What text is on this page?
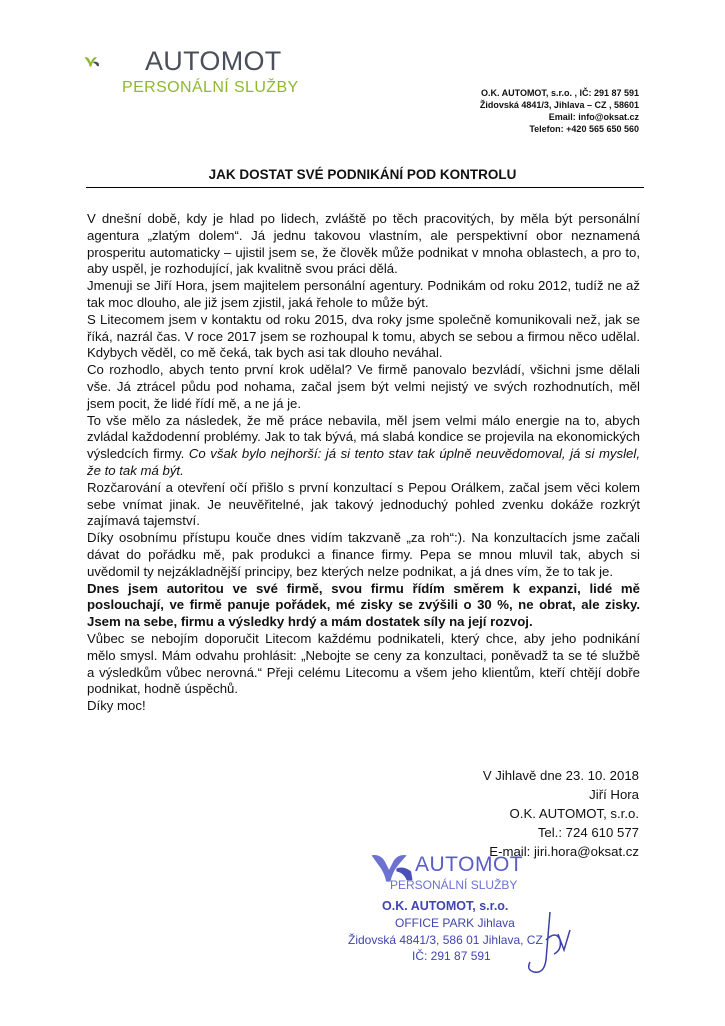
AUTOMOT
PERSONÁLNÍ SLUŽBY	O.K. AUTOMOT, s.r.o. , IČ: 291 87 591
Židovská 4841/3, Jihlava – CZ , 58601
Email: info@oksat.cz
Telefon: +420 565 650 560
JAK DOSTAT SVÉ PODNIKÁNÍ POD KONTROLU

V dnešní době, kdy je hlad po lidech, zvláště po těch pracovitých, by měla být personální agentura „zlatým dolem“. Já jednu takovou vlastním, ale perspektivní obor neznamená prosperitu automaticky – ujistil jsem se, že člověk může podnikat v mnoha oblastech, a pro to, aby uspěl, je rozhodující, jak kvalitně svou práci dělá.

Jmenuji se Jiří Hora, jsem majitelem personální agentury. Podnikám od roku 2012, tudíž ne až tak moc dlouho, ale již jsem zjistil, jaká řehole to může být.

S Litecomem jsem v kontaktu od roku 2015, dva roky jsme společně komunikovali než, jak se říká, nazrál čas. V roce 2017 jsem se rozhoupal k tomu, abych se sebou a firmou něco udělal. Kdybych věděl, co mě čeká, tak bych asi tak dlouho neváhal.

Co rozhodlo, abych tento první krok udělal? Ve firmě panovalo bezvládí, všichni jsme dělali vše. Já ztrácel půdu pod nohama, začal jsem být velmi nejistý ve svých rozhodnutích, měl jsem pocit, že lidé řídí mě, a ne já je.

To vše mělo za následek, že mě práce nebavila, měl jsem velmi málo energie na to, abych zvládal každodenní problémy. Jak to tak bývá, má slabá kondice se projevila na ekonomických výsledcích firmy. Co však bylo nejhorší: já si tento stav tak úplně neuvědomoval, já si myslel, že to tak má být.

Rozčarování a otevření očí přišlo s první konzultací s Pepou Orálkem, začal jsem věci kolem sebe vnímat jinak. Je neuvěřitelné, jak takový jednoduchý pohled zvenku dokáže rozkrýt zajímavá tajemství.

Díky osobnímu přístupu kouče dnes vidím takzvaně „za roh“:). Na konzultacích jsme začali dávat do pořádku mě, pak produkci a finance firmy. Pepa se mnou mluvil tak, abych si uvědomil ty nejzákladnější principy, bez kterých nelze podnikat, a já dnes vím, že to tak je.

Dnes jsem autoritou ve své firmě, svou firmu řídím směrem k expanzi, lidé mě poslouchají, ve firmě panuje pořádek, mé zisky se zvýšili o 30 %, ne obrat, ale zisky. Jsem na sebe, firmu a výsledky hrdý a mám dostatek síly na její rozvoj.

Vůbec se nebojím doporučit Litecom každému podnikateli, který chce, aby jeho podnikání mělo smysl. Mám odvahu prohlásit: „Nebojte se ceny za konzultaci, poněvadž ta se té službě a výsledkům vůbec nerovná.“ Přeji celému Litecomu a všem jeho klientům, kteří chtějí dobře podnikat, hodně úspěchů.

Díky moc!

V Jihlavě dne 23. 10. 2018
Jiří Hora
O.K. AUTOMOT, s.r.o.
Tel.: 724 610 577
E-mail: jiri.hora@oksat.cz
AUTOMOT
PERSONÁLNÍ SLUŽBY
O.K. AUTOMOT, s.r.o.
OFFICE PARK Jihlava
Židovská 4841/3, 586 01 Jihlava, CZ
IČ: 291 87 591
